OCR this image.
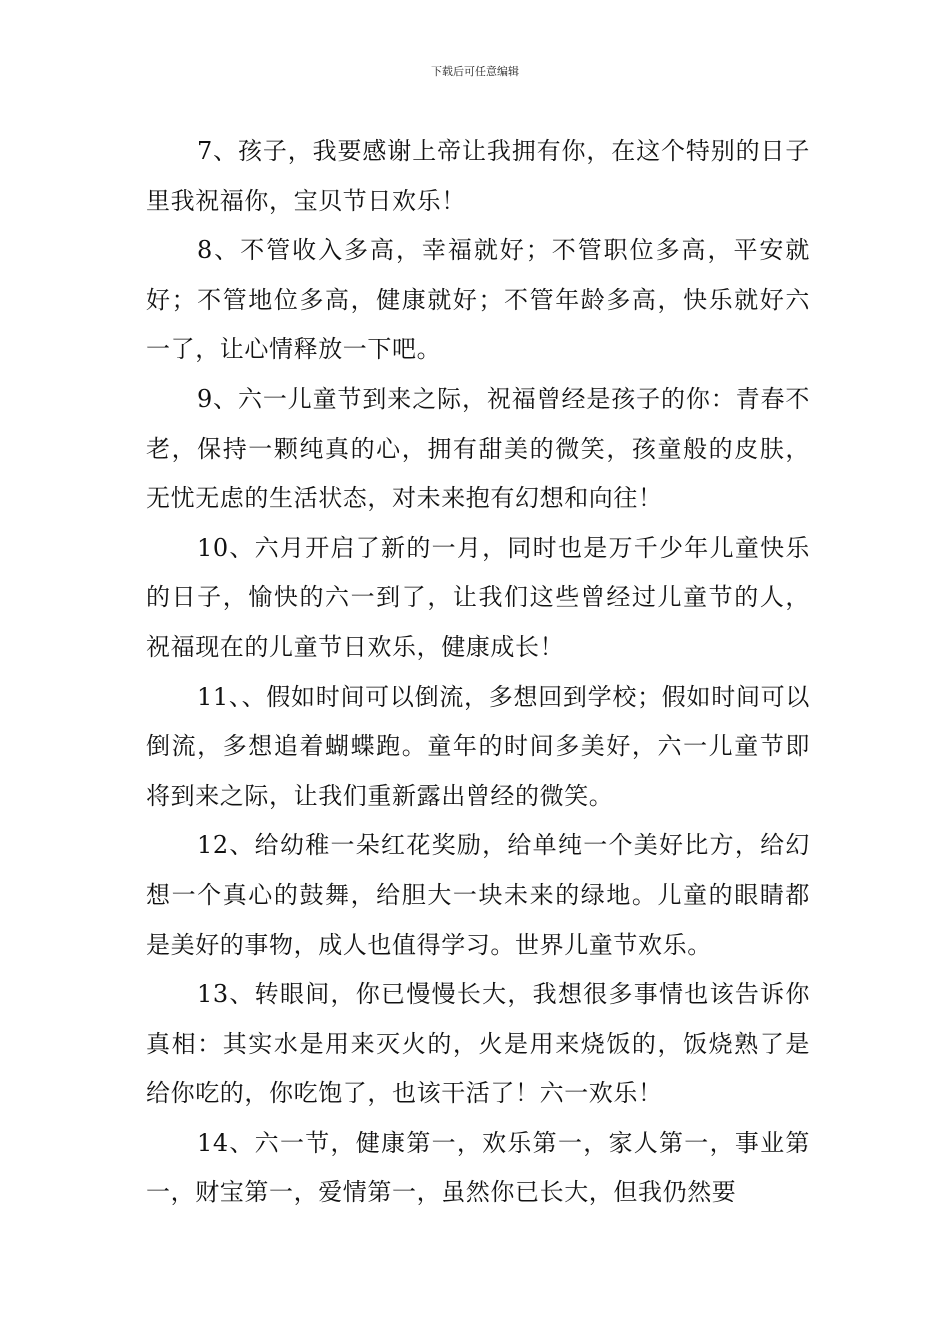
下载后可任意编辑

7、孩子，我要感谢上帝让我拥有你，在这个特别的日子里我祝福你，宝贝节日欢乐！

8、不管收入多高，幸福就好；不管职位多高，平安就好；不管地位多高，健康就好；不管年龄多高，快乐就好六一了，让心情释放一下吧。

9、六一儿童节到来之际，祝福曾经是孩子的你：青春不老，保持一颗纯真的心，拥有甜美的微笑，孩童般的皮肤，无忧无虑的生活状态，对未来抱有幻想和向往！

10、六月开启了新的一月，同时也是万千少年儿童快乐的日子，愉快的六一到了，让我们这些曾经过儿童节的人，祝福现在的儿童节日欢乐，健康成长！

11、、假如时间可以倒流，多想回到学校；假如时间可以倒流，多想追着蝴蝶跑。童年的时间多美好，六一儿童节即将到来之际，让我们重新露出曾经的微笑。

12、给幼稚一朵红花奖励，给单纯一个美好比方，给幻想一个真心的鼓舞，给胆大一块未来的绿地。儿童的眼睛都是美好的事物，成人也值得学习。世界儿童节欢乐。

13、转眼间，你已慢慢长大，我想很多事情也该告诉你真相：其实水是用来灭火的，火是用来烧饭的，饭烧熟了是给你吃的，你吃饱了，也该干活了！六一欢乐！

14、六一节，健康第一，欢乐第一，家人第一，事业第一，财宝第一，爱情第一，虽然你已长大，但我仍然要
